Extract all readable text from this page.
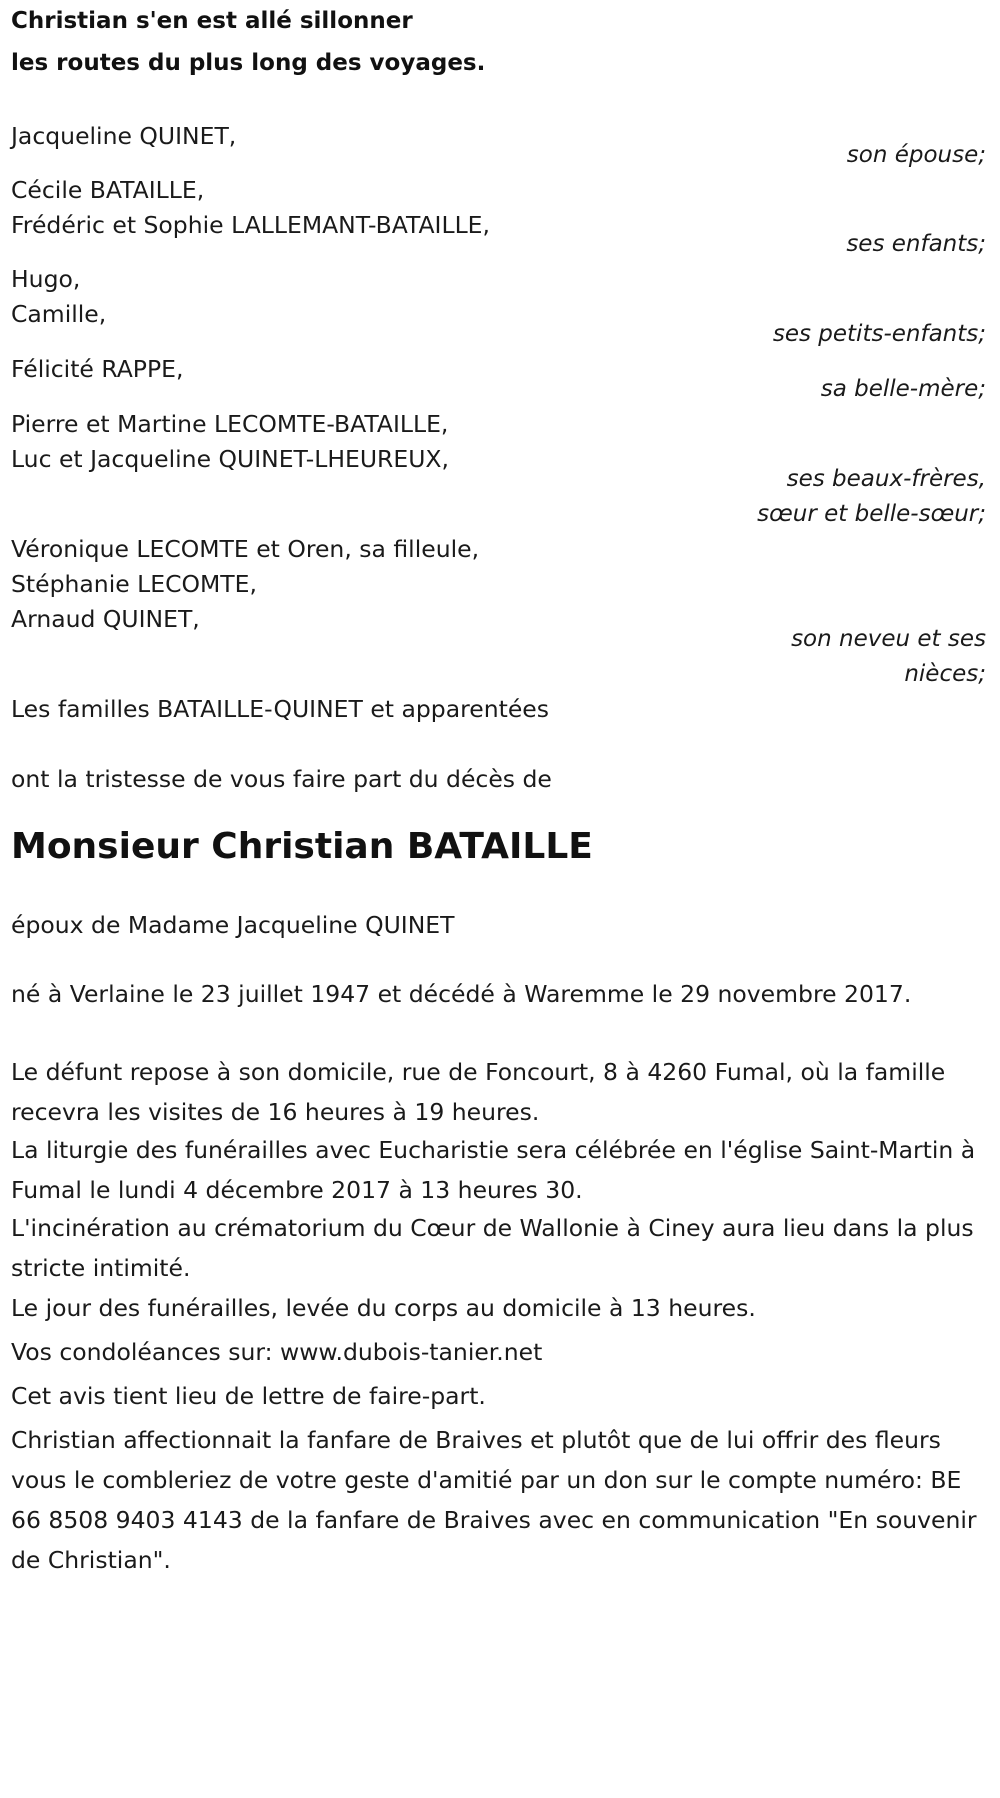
Christian s'en est allé sillonner

les routes du plus long des voyages.

Jacqueline QUINET,

son épouse;

Cécile BATAILLE,

Frédéric et Sophie LALLEMANT-BATAILLE,

ses enfants;

Hugo,

Camille,

ses petits-enfants;

Félicité RAPPE,

sa belle-mère;

Pierre et Martine LECOMTE-BATAILLE,

Luc et Jacqueline QUINET-LHEUREUX,

ses beaux-frères,

sœur et belle-sœur;

Véronique LECOMTE et Oren, sa filleule,

Stéphanie LECOMTE,

Arnaud QUINET,

son neveu et ses

nièces;

Les familles BATAILLE-QUINET et apparentées

ont la tristesse de vous faire part du décès de

Monsieur Christian BATAILLE

époux de Madame Jacqueline QUINET

né à Verlaine le 23 juillet 1947 et décédé à Waremme le 29 novembre 2017.

Le défunt repose à son domicile, rue de Foncourt, 8 à 4260 Fumal, où la famille recevra les visites de 16 heures à 19 heures.

La liturgie des funérailles avec Eucharistie sera célébrée en l'église Saint-Martin à Fumal le lundi 4 décembre 2017 à 13 heures 30.

L'incinération au crématorium du Cœur de Wallonie à Ciney aura lieu dans la plus stricte intimité.

Le jour des funérailles, levée du corps au domicile à 13 heures.

Vos condoléances sur: www.dubois-tanier.net

Cet avis tient lieu de lettre de faire-part.

Christian affectionnait la fanfare de Braives et plutôt que de lui offrir des fleurs vous le combleriez de votre geste d'amitié par un don sur le compte numéro: BE 66 8508 9403 4143 de la fanfare de Braives avec en communication "En souvenir de Christian".
